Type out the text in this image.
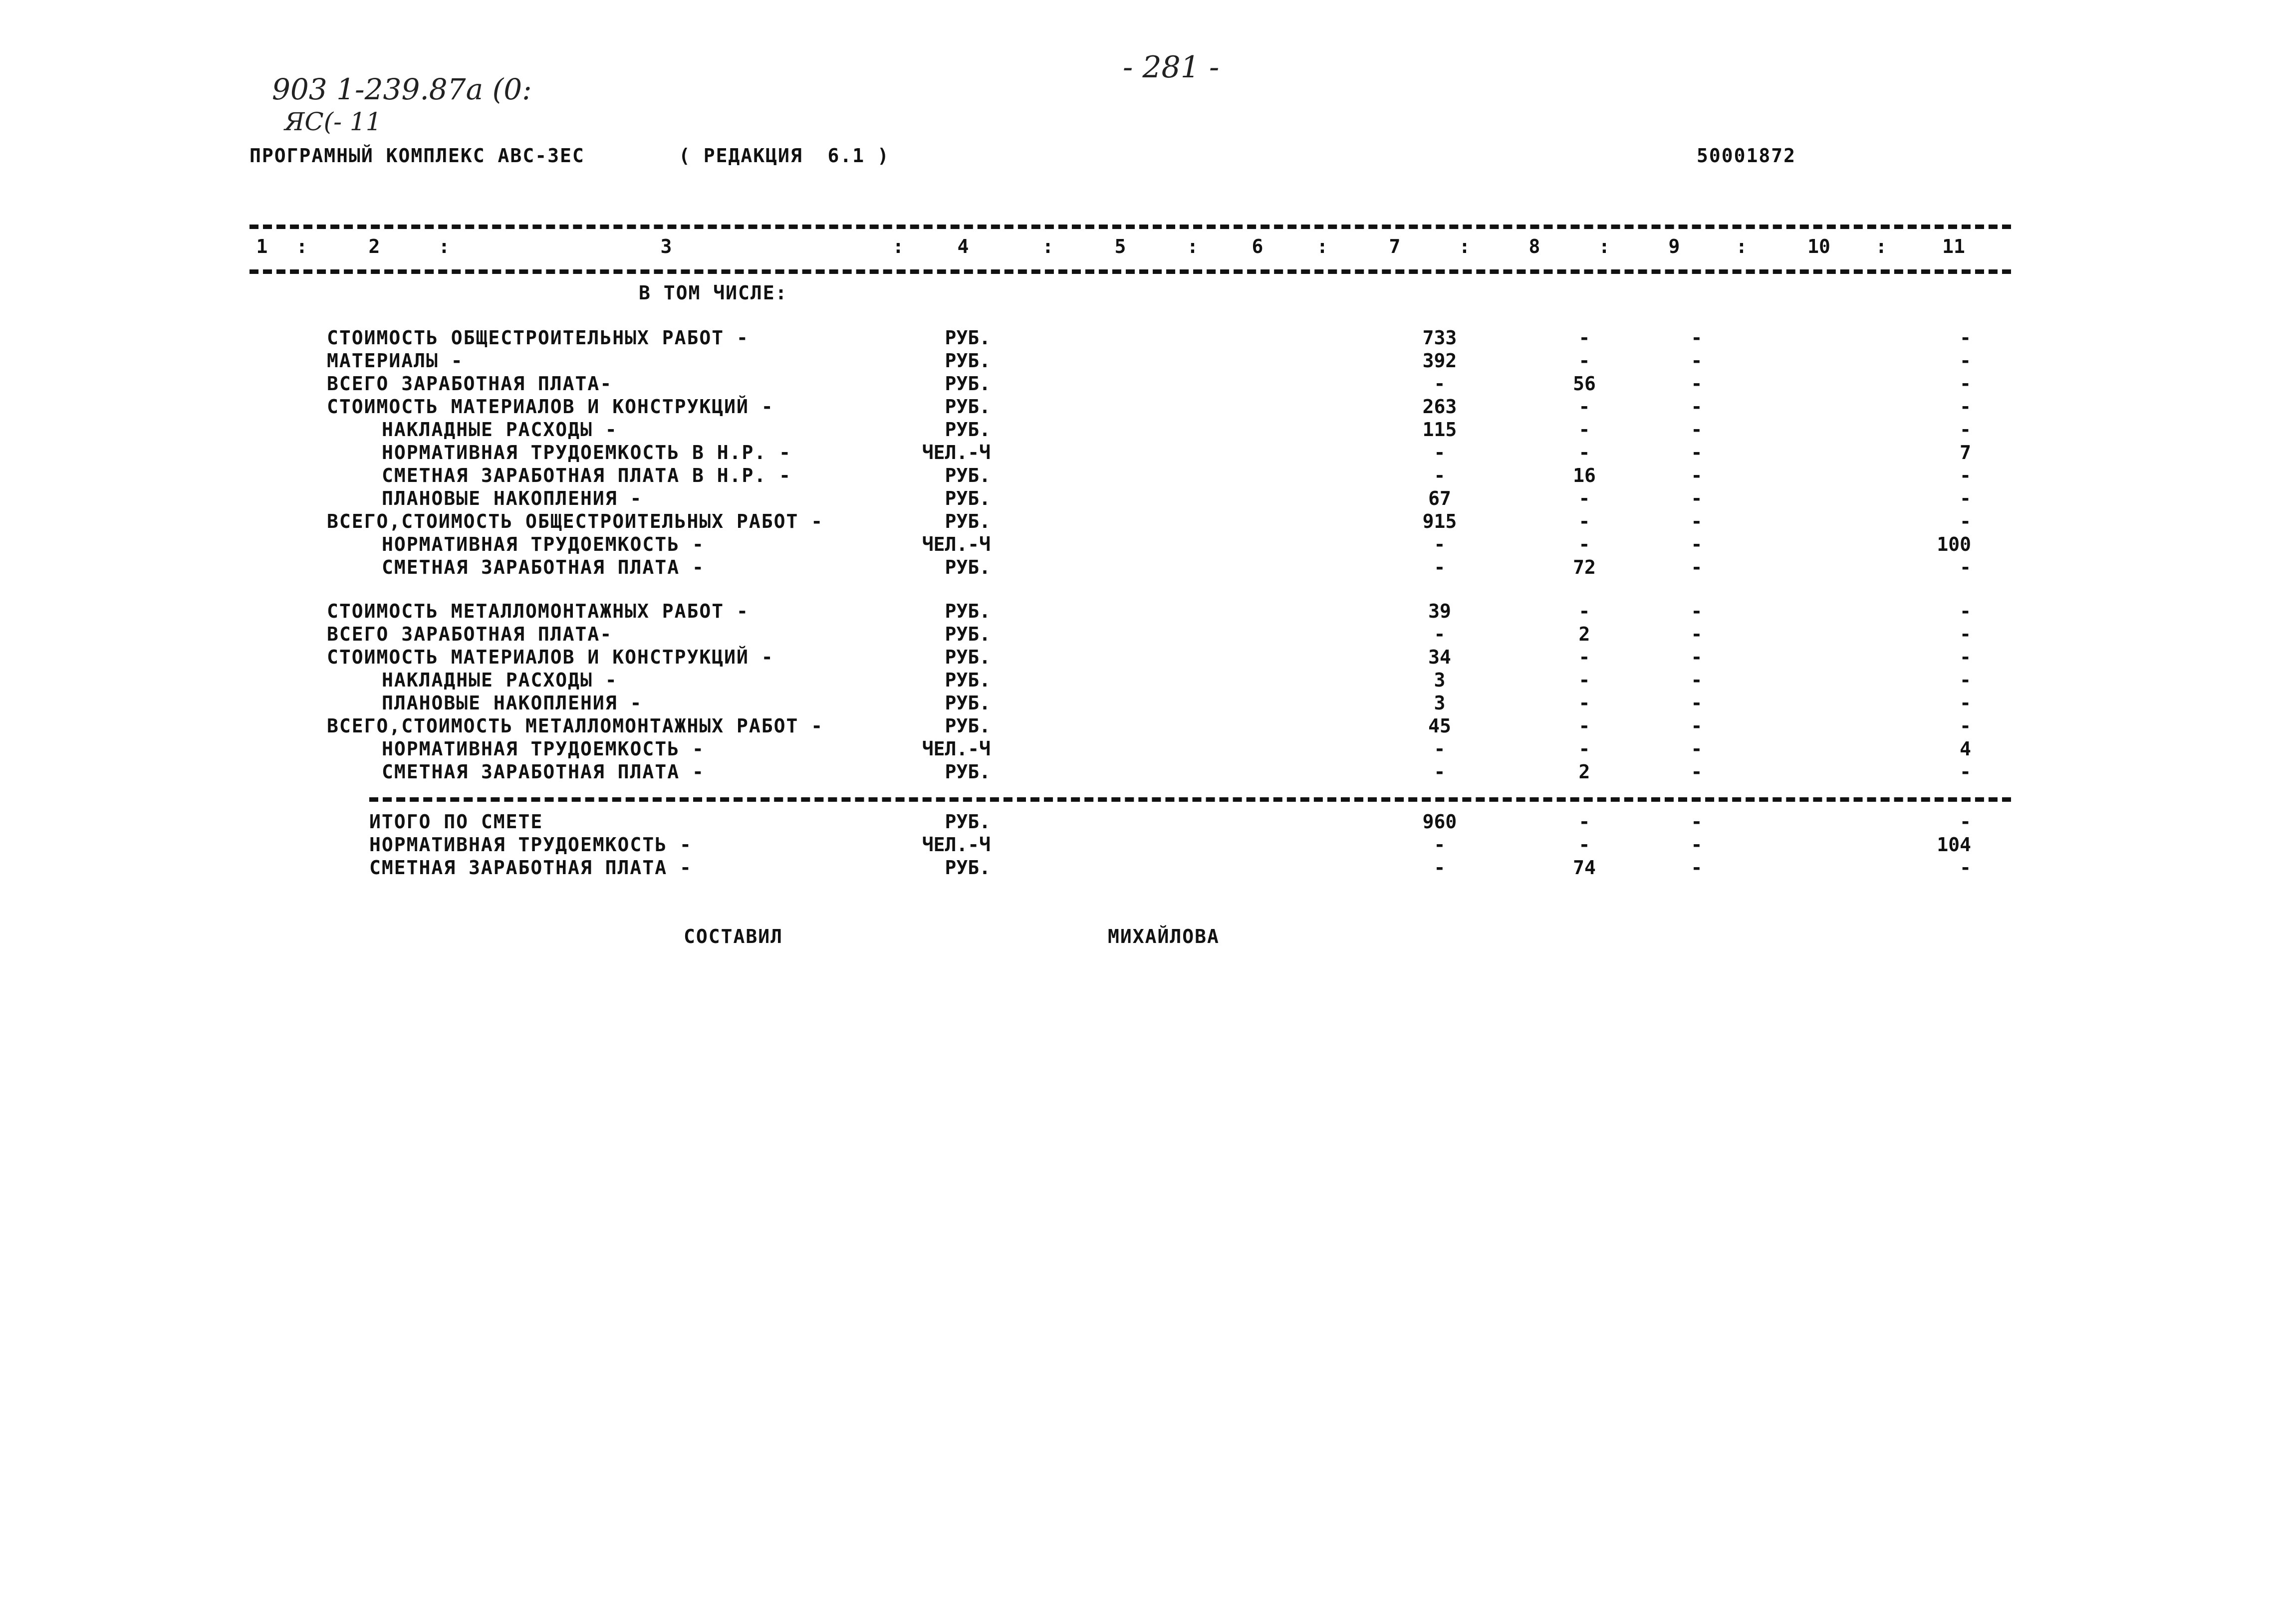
903 1-239.87а (0:
ЯС(- 11
- 281 -
ПРОГРАМНЫЙ КОМПЛЕКС АВС-3ЕС	( РЕДАКЦИЯ  6.1 )	50001872
1	:	2	:	3	:	4	:	5	:	6	:	7	:	8	:	9	:	10	:	11
В ТОМ ЧИСЛЕ:
СТОИМОСТЬ ОБЩЕСТРОИТЕЛЬНЫХ РАБОТ -	РУБ.	733	-	-	-
МАТЕРИАЛЫ -	РУБ.	392	-	-	-
ВСЕГО ЗАРАБОТНАЯ ПЛАТА-	РУБ.	-	56	-	-
СТОИМОСТЬ МАТЕРИАЛОВ И КОНСТРУКЦИЙ -	РУБ.	263	-	-	-
НАКЛАДНЫЕ РАСХОДЫ -	РУБ.	115	-	-	-
НОРМАТИВНАЯ ТРУДОЕМКОСТЬ В Н.Р. -	ЧЕЛ.-Ч	-	-	-	7
СМЕТНАЯ ЗАРАБОТНАЯ ПЛАТА В Н.Р. -	РУБ.	-	16	-	-
ПЛАНОВЫЕ НАКОПЛЕНИЯ -	РУБ.	67	-	-	-
ВСЕГО,СТОИМОСТЬ ОБЩЕСТРОИТЕЛЬНЫХ РАБОТ -	РУБ.	915	-	-	-
НОРМАТИВНАЯ ТРУДОЕМКОСТЬ -	ЧЕЛ.-Ч	-	-	-	100
СМЕТНАЯ ЗАРАБОТНАЯ ПЛАТА -	РУБ.	-	72	-	-
СТОИМОСТЬ МЕТАЛЛОМОНТАЖНЫХ РАБОТ -	РУБ.	39	-	-	-
ВСЕГО ЗАРАБОТНАЯ ПЛАТА-	РУБ.	-	2	-	-
СТОИМОСТЬ МАТЕРИАЛОВ И КОНСТРУКЦИЙ -	РУБ.	34	-	-	-
НАКЛАДНЫЕ РАСХОДЫ -	РУБ.	3	-	-	-
ПЛАНОВЫЕ НАКОПЛЕНИЯ -	РУБ.	3	-	-	-
ВСЕГО,СТОИМОСТЬ МЕТАЛЛОМОНТАЖНЫХ РАБОТ -	РУБ.	45	-	-	-
НОРМАТИВНАЯ ТРУДОЕМКОСТЬ -	ЧЕЛ.-Ч	-	-	-	4
СМЕТНАЯ ЗАРАБОТНАЯ ПЛАТА -	РУБ.	-	2	-	-
ИТОГО ПО СМЕТЕ	РУБ.	960	-	-	-
НОРМАТИВНАЯ ТРУДОЕМКОСТЬ -	ЧЕЛ.-Ч	-	-	-	104
СМЕТНАЯ ЗАРАБОТНАЯ ПЛАТА -	РУБ.	-	74	-	-
СОСТАВИЛ	МИХАЙЛОВА
